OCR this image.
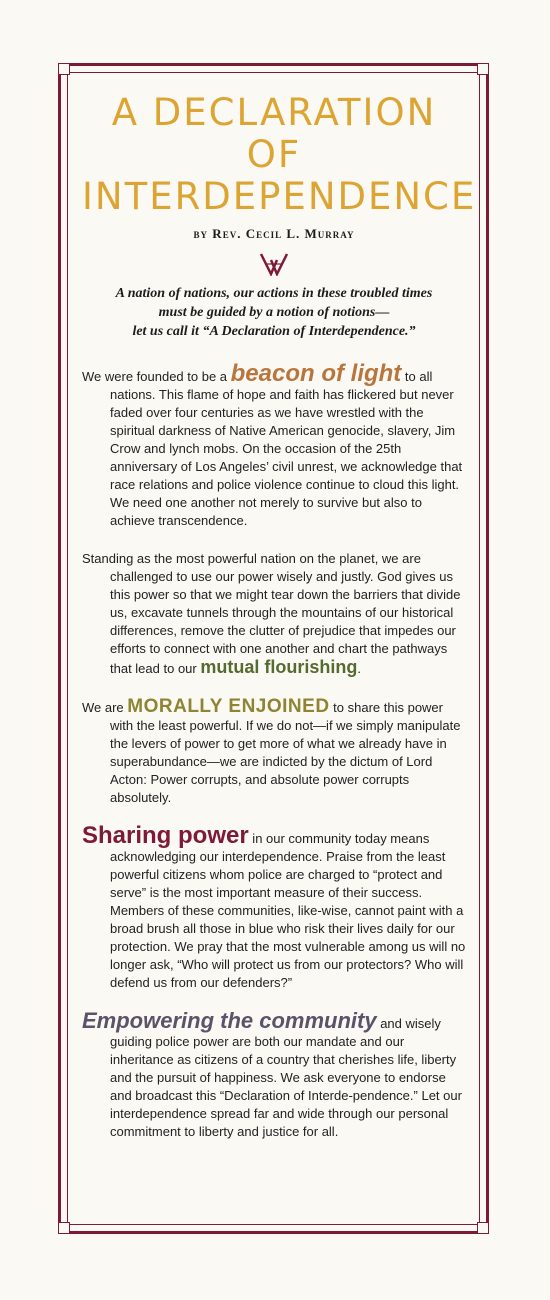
A DECLARATION OF
INTERDEPENDENCE
by Rev. Cecil L. Murray

A nation of nations, our actions in these troubled times
must be guided by a notion of notions—
let us call it “A Declaration of Interdependence.”

We were founded to be a beacon of light to all nations. This flame of hope and faith has flickered but never faded over four centuries as we have wrestled with the spiritual darkness of Native American genocide, slavery, Jim Crow and lynch mobs. On the occasion of the 25th anniversary of Los Angeles’ civil unrest, we acknowledge that race relations and police violence continue to cloud this light. We need one another not merely to survive but also to achieve transcendence.

Standing as the most powerful nation on the planet, we are challenged to use our power wisely and justly. God gives us this power so that we might tear down the barriers that divide us, excavate tunnels through the mountains of our historical differences, remove the clutter of prejudice that impedes our efforts to connect with one another and chart the pathways that lead to our mutual flourishing.

We are MORALLY ENJOINED to share this power with the least powerful. If we do not—if we simply manipulate the levers of power to get more of what we already have in superabundance—we are indicted by the dictum of Lord Acton: Power corrupts, and absolute power corrupts absolutely.

Sharing power in our community today means acknowledging our interdependence. Praise from the least powerful citizens whom police are charged to “protect and serve” is the most important measure of their success. Members of these communities, like-wise, cannot paint with a broad brush all those in blue who risk their lives daily for our protection. We pray that the most vulnerable among us will no longer ask, “Who will protect us from our protectors? Who will defend us from our defenders?”

Empowering the community and wisely guiding police power are both our mandate and our inheritance as citizens of a country that cherishes life, liberty and the pursuit of happiness. We ask everyone to endorse and broadcast this “Declaration of Interde-pendence.” Let our interdependence spread far and wide through our personal commitment to liberty and justice for all.
